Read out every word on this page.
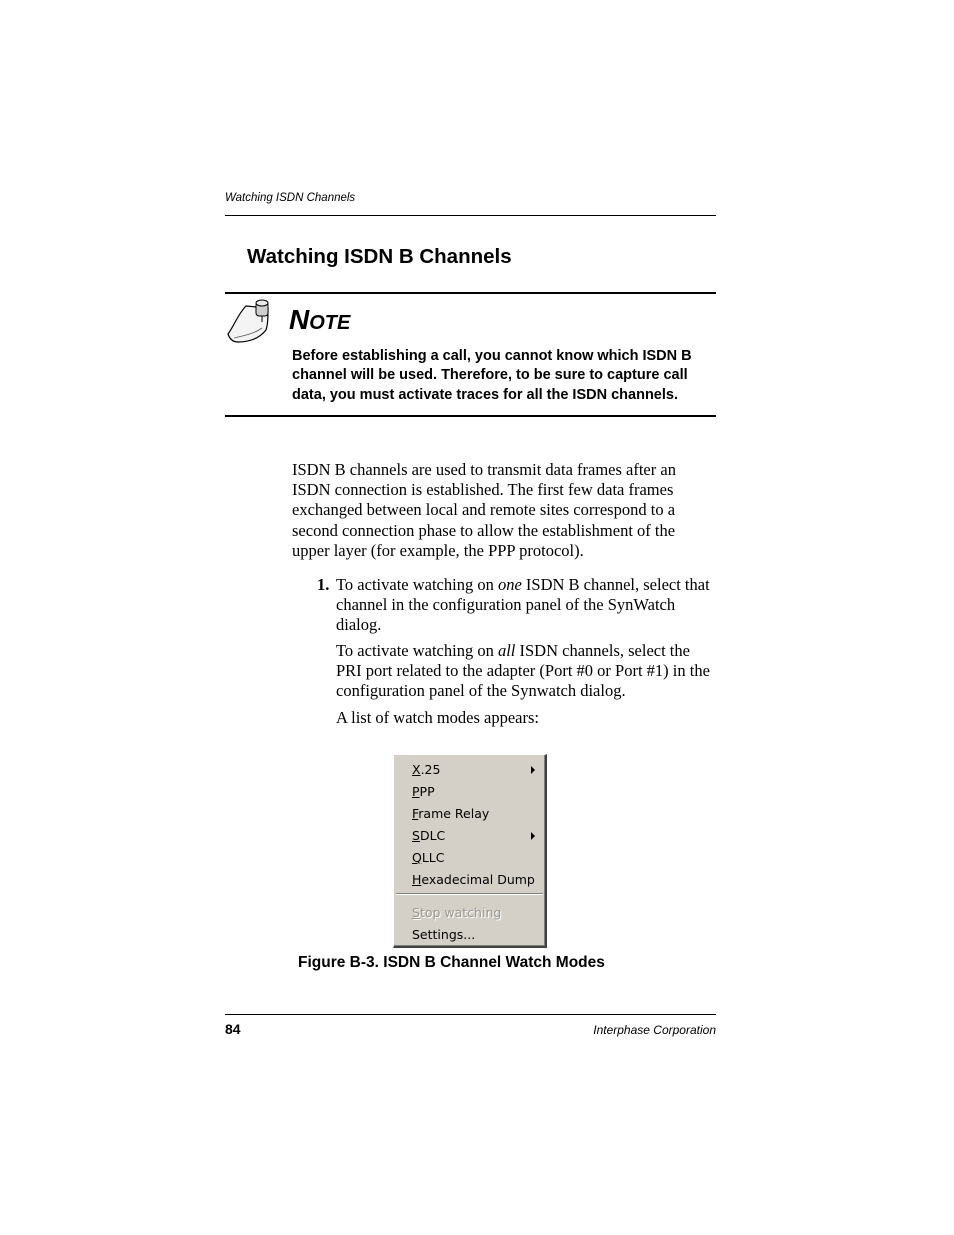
Watching ISDN Channels
Watching ISDN B Channels
NOTE
Before establishing a call, you cannot know which ISDN B channel will be used. Therefore, to be sure to capture call data, you must activate traces for all the ISDN channels.
ISDN B channels are used to transmit data frames after an ISDN connection is established. The first few data frames exchanged between local and remote sites correspond to a second connection phase to allow the establishment of the upper layer (for example, the PPP protocol).
1. To activate watching on one ISDN B channel, select that channel in the configuration panel of the SynWatch dialog.
To activate watching on all ISDN channels, select the PRI port related to the adapter (Port #0 or Port #1) in the configuration panel of the Synwatch dialog.
A list of watch modes appears:
X.25
PPP
Frame Relay
SDLC
QLLC
Hexadecimal Dump
Stop watching
Settings...
Figure B-3. ISDN B Channel Watch Modes
84	Interphase Corporation
